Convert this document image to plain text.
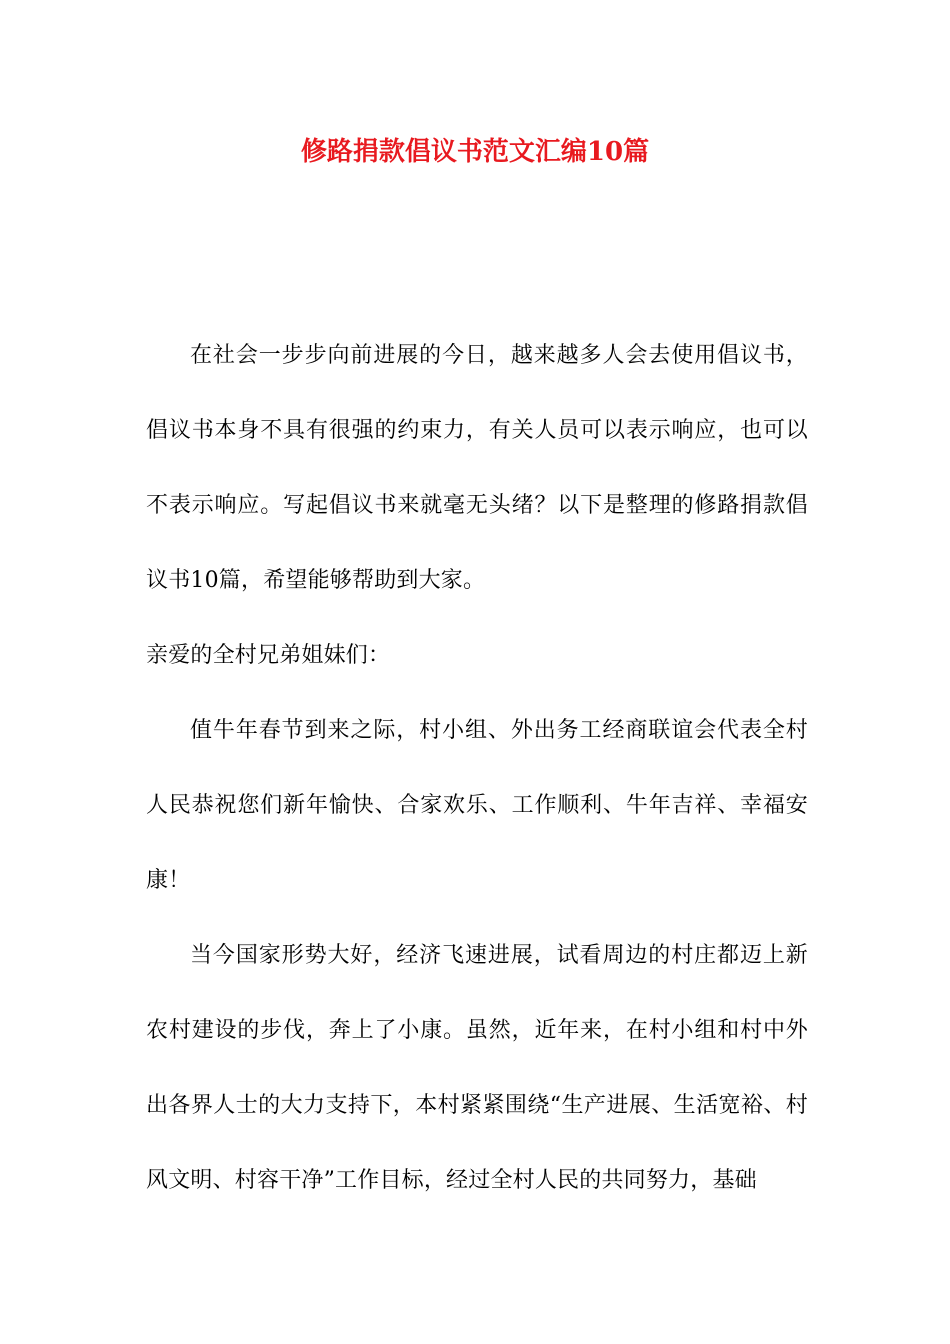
修路捐款倡议书范文汇编10篇

在社会一步步向前进展的今日，越来越多人会去使用倡议书，倡议书本身不具有很强的约束力，有关人员可以表示响应，也可以不表示响应。写起倡议书来就毫无头绪？以下是整理的修路捐款倡议书10篇，希望能够帮助到大家。

亲爱的全村兄弟姐妹们：

值牛年春节到来之际，村小组、外出务工经商联谊会代表全村人民恭祝您们新年愉快、合家欢乐、工作顺利、牛年吉祥、幸福安康！

当今国家形势大好，经济飞速进展，试看周边的村庄都迈上新农村建设的步伐，奔上了小康。虽然，近年来，在村小组和村中外出各界人士的大力支持下，本村紧紧围绕“生产进展、生活宽裕、村风文明、村容干净”工作目标，经过全村人民的共同努力，基础
